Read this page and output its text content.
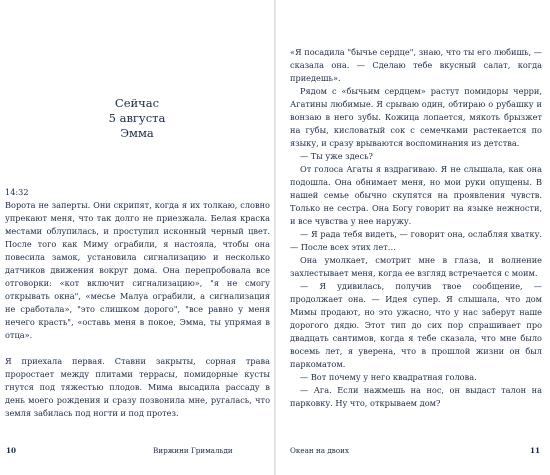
Сейчас
5 августа
Эмма

14:32

Ворота не заперты. Они скрипят, когда я их толкаю, словно упрекают меня, что так долго не приезжала. Белая краска местами облупилась, и проступил исконный черный цвет. После того как Миму ограбили, я настояла, чтобы она повесила замок, установила сигнализацию и несколько датчиков движения вокруг дома. Она перепробовала все отговорки: «кот включит сигнализацию», "я не смогу открывать окна", «месье Малуа ограбили, а сигнализация не сработала», "это слишком дорого", "все равно у меня нечего красть", «оставь меня в покое, Эмма, ты упрямая в отца».

Я приехала первая. Ставни закрыты, сорная трава проростает между плитами террасы, помидорные кусты гнутся под тяжестью плодов. Мима высадила рассаду в день моего рождения и сразу позвонила мне, ругалась, что земля забилась под ногти и под протез.

«Я посадила "бычье сердце", знаю, что ты его любишь, — сказала она. — Сделаю тебе вкусный салат, когда приедешь».

Рядом с «бычьим сердцем» растут помидоры черри, Агатины любимые. Я срываю один, обтираю о рубашку и вонзаю в него зубы. Кожица лопается, мякоть брызжет на губы, кисловатый сок с семечками растекается по языку, и сразу врываются воспоминания из детства.

— Ты уже здесь?

От голоса Агаты я вздрагиваю. Я не слышала, как она подошла. Она обнимает меня, но мои руки опущены. В нашей семье обычно скупятся на проявления чувств. Только не сестра. Она Богу говорит на языке нежности, и все чувства у нее наружу.

— Я рада тебя видеть, — говорит она, ослабляя хватку. — После всех этих лет…

Она умолкает, смотрит мне в глаза, и волнение захлестывает меня, когда ее взгляд встречается с моим.

— Я удивилась, получив твое сообщение, — продолжает она. — Идея супер. Я слышала, что дом Мимы продают, но это ужасно, что у нас заберут наше дорогого дядю. Этот тип до сих пор спрашивает про двадцать сантимов, когда я тебе сказала, что мне было восемь лет, я уверена, что в прошлой жизни он был паркоматом.

— Вот почему у него квадратная голова.

— Ага. Если нажмешь на нос, он выдаст талон на парковку. Ну что, открываем дом?

10	Виржини Гримальди	Океан на двоих	11
